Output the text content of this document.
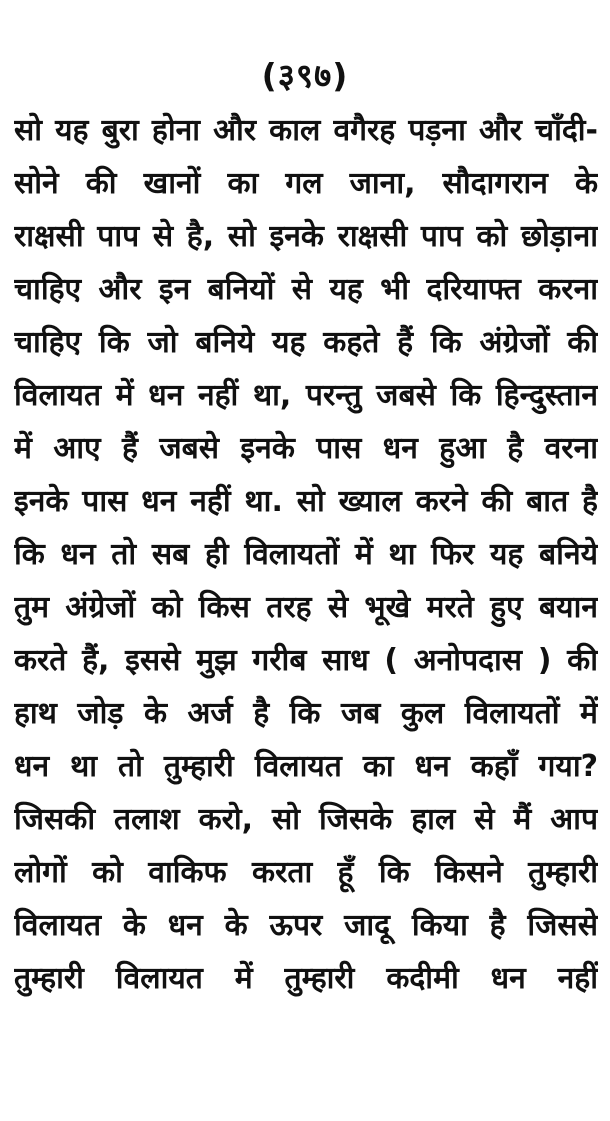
(३९७)
सो यह बुरा होना और काल वगैरह पड़ना और चाँदी-
सोने की खानों का गल जाना, सौदागरान के
राक्षसी पाप से है, सो इनके राक्षसी पाप को छोड़ाना
चाहिए और इन बनियों से यह भी दरियाफ्त करना
चाहिए कि जो बनिये यह कहते हैं कि अंग्रेजों की
विलायत में धन नहीं था, परन्तु जबसे कि हिन्दुस्तान
में आए हैं जबसे इनके पास धन हुआ है वरना
इनके पास धन नहीं था. सो ख्याल करने की बात है
कि धन तो सब ही विलायतों में था फिर यह बनिये
तुम अंग्रेजों को किस तरह से भूखे मरते हुए बयान
करते हैं, इससे मुझ गरीब साध ( अनोपदास ) की
हाथ जोड़ के अर्ज है कि जब कुल विलायतों में
धन था तो तुम्हारी विलायत का धन कहाँ गया?
जिसकी तलाश करो, सो जिसके हाल से मैं आप
लोगों को वाकिफ करता हूँ कि किसने तुम्हारी
विलायत के धन के ऊपर जादू किया है जिससे
तुम्हारी विलायत में तुम्हारी कदीमी धन नहीं
